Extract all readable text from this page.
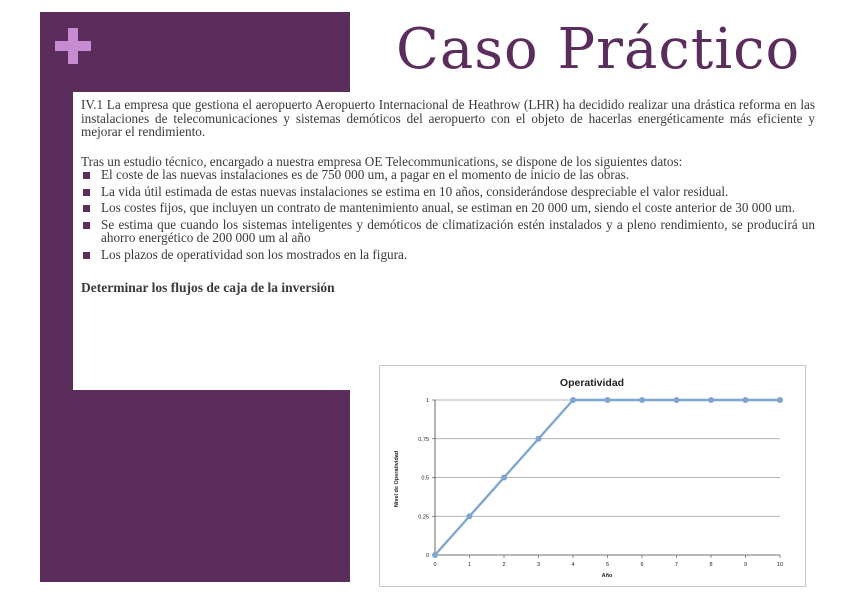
Caso Práctico

IV.1 La empresa que gestiona el aeropuerto Aeropuerto Internacional de Heathrow (LHR) ha decidido realizar una drástica reforma en las instalaciones de telecomunicaciones y sistemas demóticos del aeropuerto con el objeto de hacerlas energéticamente más eficiente y mejorar el rendimiento.

Tras un estudio técnico, encargado a nuestra empresa OE Telecommunications, se dispone de los siguientes datos:

El coste de las nuevas instalaciones es de 750 000 um, a pagar en el momento de inicio de las obras.
La vida útil estimada de estas nuevas instalaciones se estima en 10 años, considerándose despreciable el valor residual.
Los costes fijos, que incluyen un contrato de mantenimiento anual, se estiman en 20 000 um, siendo el coste anterior de 30 000 um.
Se estima que cuando los sistemas inteligentes y demóticos de climatización estén instalados y a pleno rendimiento, se producirá un ahorro energético de 200 000 um al año
Los plazos de operatividad son los mostrados en la figura.

Determinar los flujos de caja de la inversión

Operatividad
Nivel de Operatividad
Año
0
0,25
0,5
0,75
1
0	1	2	3	4	5	6	7	8	9	10
